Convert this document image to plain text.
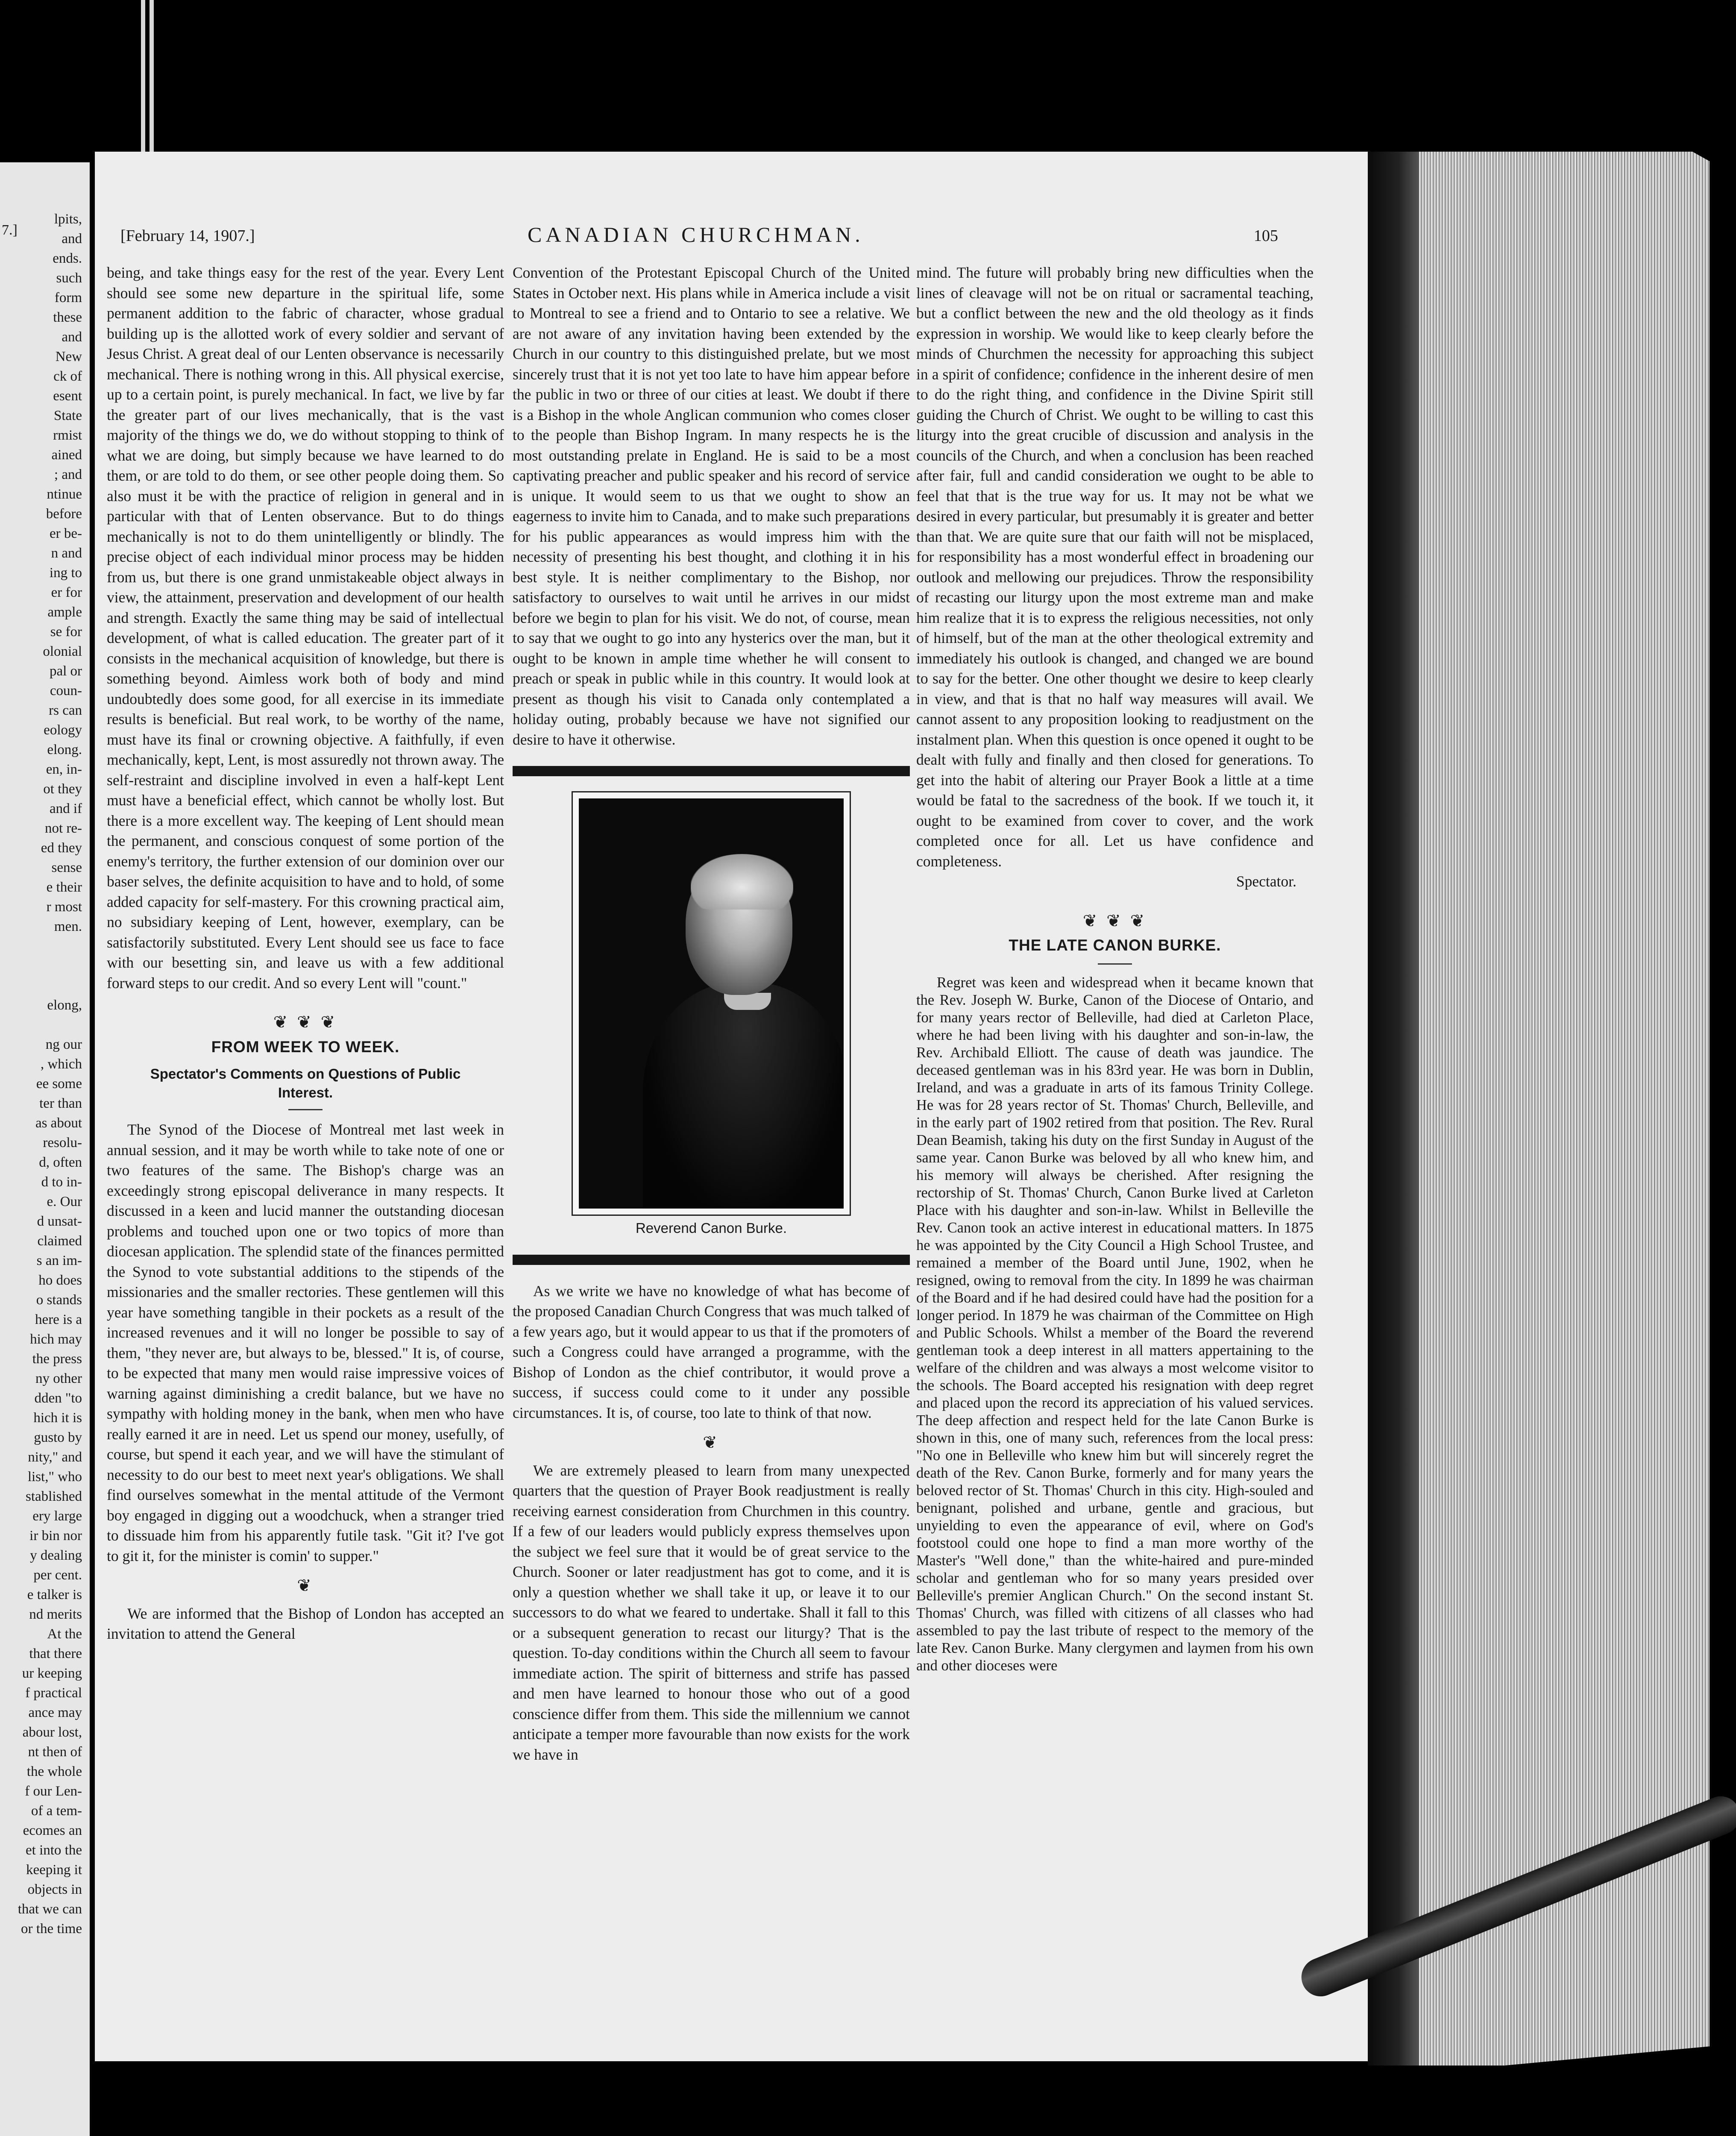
7.]
lpits,
and
ends.
such
form
these
and
New
ck of
esent
State
rmist
ained
; and
ntinue
before
er be-
n and
ing to
er for
ample
se for
olonial
pal or
coun-
rs can
eology
elong.
en, in-
ot they
and if
not re-
ed they
sense
e their
r most
men.

elong,

ng our
, which
ee some
ter than
as about
resolu-
d, often
d to in-
e. Our
d unsat-
claimed
s an im-
ho does
o stands
here is a
hich may
the press
ny other
dden "to
hich it is
gusto by
nity," and
list," who
stablished
ery large
ir bin nor
y dealing
per cent.
e talker is
nd merits
At the
that there
ur keeping
f practical
ance may
abour lost,
nt then of
the whole
f our Len-
of a tem-
ecomes an
et into the
keeping it
objects in
that we can
or the time
[February 14, 1907.]	CANADIAN CHURCHMAN.	105

being, and take things easy for the rest of the year. Every Lent should see some new departure in the spiritual life, some permanent addition to the fabric of character, whose gradual building up is the allotted work of every soldier and servant of Jesus Christ. A great deal of our Lenten observance is necessarily mechanical. There is nothing wrong in this. All physical exercise, up to a certain point, is purely mechanical. In fact, we live by far the greater part of our lives mechanically, that is the vast majority of the things we do, we do without stopping to think of what we are doing, but simply because we have learned to do them, or are told to do them, or see other people doing them. So also must it be with the practice of religion in general and in particular with that of Lenten observance. But to do things mechanically is not to do them unintelligently or blindly. The precise object of each individual minor process may be hidden from us, but there is one grand unmistakeable object always in view, the attainment, preservation and development of our health and strength. Exactly the same thing may be said of intellectual development, of what is called education. The greater part of it consists in the mechanical acquisition of knowledge, but there is something beyond. Aimless work both of body and mind undoubtedly does some good, for all exercise in its immediate results is beneficial. But real work, to be worthy of the name, must have its final or crowning objective. A faithfully, if even mechanically, kept, Lent, is most assuredly not thrown away. The self-restraint and discipline involved in even a half-kept Lent must have a beneficial effect, which cannot be wholly lost. But there is a more excellent way. The keeping of Lent should mean the permanent, and conscious conquest of some portion of the enemy's territory, the further extension of our dominion over our baser selves, the definite acquisition to have and to hold, of some added capacity for self-mastery. For this crowning practical aim, no subsidiary keeping of Lent, however, exemplary, can be satisfactorily substituted. Every Lent should see us face to face with our besetting sin, and leave us with a few additional forward steps to our credit. And so every Lent will "count."

❦ ❦ ❦
FROM WEEK TO WEEK.
Spectator's Comments on Questions of Public Interest.

The Synod of the Diocese of Montreal met last week in annual session, and it may be worth while to take note of one or two features of the same. The Bishop's charge was an exceedingly strong episcopal deliverance in many respects. It discussed in a keen and lucid manner the outstanding diocesan problems and touched upon one or two topics of more than diocesan application. The splendid state of the finances permitted the Synod to vote substantial additions to the stipends of the missionaries and the smaller rectories. These gentlemen will this year have something tangible in their pockets as a result of the increased revenues and it will no longer be possible to say of them, "they never are, but always to be, blessed." It is, of course, to be expected that many men would raise impressive voices of warning against diminishing a credit balance, but we have no sympathy with holding money in the bank, when men who have really earned it are in need. Let us spend our money, usefully, of course, but spend it each year, and we will have the stimulant of necessity to do our best to meet next year's obligations. We shall find ourselves somewhat in the mental attitude of the Vermont boy engaged in digging out a woodchuck, when a stranger tried to dissuade him from his apparently futile task. "Git it? I've got to git it, for the minister is comin' to supper."

❦

We are informed that the Bishop of London has accepted an invitation to attend the General

Convention of the Protestant Episcopal Church of the United States in October next. His plans while in America include a visit to Montreal to see a friend and to Ontario to see a relative. We are not aware of any invitation having been extended by the Church in our country to this distinguished prelate, but we most sincerely trust that it is not yet too late to have him appear before the public in two or three of our cities at least. We doubt if there is a Bishop in the whole Anglican communion who comes closer to the people than Bishop Ingram. In many respects he is the most outstanding prelate in England. He is said to be a most captivating preacher and public speaker and his record of service is unique. It would seem to us that we ought to show an eagerness to invite him to Canada, and to make such preparations for his public appearances as would impress him with the necessity of presenting his best thought, and clothing it in his best style. It is neither complimentary to the Bishop, nor satisfactory to ourselves to wait until he arrives in our midst before we begin to plan for his visit. We do not, of course, mean to say that we ought to go into any hysterics over the man, but it ought to be known in ample time whether he will consent to preach or speak in public while in this country. It would look at present as though his visit to Canada only contemplated a holiday outing, probably because we have not signified our desire to have it otherwise.

Reverend Canon Burke.

As we write we have no knowledge of what has become of the proposed Canadian Church Congress that was much talked of a few years ago, but it would appear to us that if the promoters of such a Congress could have arranged a programme, with the Bishop of London as the chief contributor, it would prove a success, if success could come to it under any possible circumstances. It is, of course, too late to think of that now.

❦

We are extremely pleased to learn from many unexpected quarters that the question of Prayer Book readjustment is really receiving earnest consideration from Churchmen in this country. If a few of our leaders would publicly express themselves upon the subject we feel sure that it would be of great service to the Church. Sooner or later readjustment has got to come, and it is only a question whether we shall take it up, or leave it to our successors to do what we feared to undertake. Shall it fall to this or a subsequent generation to recast our liturgy? That is the question. To-day conditions within the Church all seem to favour immediate action. The spirit of bitterness and strife has passed and men have learned to honour those who out of a good conscience differ from them. This side the millennium we cannot anticipate a temper more favourable than now exists for the work we have in

mind. The future will probably bring new difficulties when the lines of cleavage will not be on ritual or sacramental teaching, but a conflict between the new and the old theology as it finds expression in worship. We would like to keep clearly before the minds of Churchmen the necessity for approaching this subject in a spirit of confidence; confidence in the inherent desire of men to do the right thing, and confidence in the Divine Spirit still guiding the Church of Christ. We ought to be willing to cast this liturgy into the great crucible of discussion and analysis in the councils of the Church, and when a conclusion has been reached after fair, full and candid consideration we ought to be able to feel that that is the true way for us. It may not be what we desired in every particular, but presumably it is greater and better than that. We are quite sure that our faith will not be misplaced, for responsibility has a most wonderful effect in broadening our outlook and mellowing our prejudices. Throw the responsibility of recasting our liturgy upon the most extreme man and make him realize that it is to express the religious necessities, not only of himself, but of the man at the other theological extremity and immediately his outlook is changed, and changed we are bound to say for the better. One other thought we desire to keep clearly in view, and that is that no half way measures will avail. We cannot assent to any proposition looking to readjustment on the instalment plan. When this question is once opened it ought to be dealt with fully and finally and then closed for generations. To get into the habit of altering our Prayer Book a little at a time would be fatal to the sacredness of the book. If we touch it, it ought to be examined from cover to cover, and the work completed once for all. Let us have confidence and completeness.

Spectator.

❦ ❦ ❦
THE LATE CANON BURKE.

Regret was keen and widespread when it became known that the Rev. Joseph W. Burke, Canon of the Diocese of Ontario, and for many years rector of Belleville, had died at Carleton Place, where he had been living with his daughter and son-in-law, the Rev. Archibald Elliott. The cause of death was jaundice. The deceased gentleman was in his 83rd year. He was born in Dublin, Ireland, and was a graduate in arts of its famous Trinity College. He was for 28 years rector of St. Thomas' Church, Belleville, and in the early part of 1902 retired from that position. The Rev. Rural Dean Beamish, taking his duty on the first Sunday in August of the same year. Canon Burke was beloved by all who knew him, and his memory will always be cherished. After resigning the rectorship of St. Thomas' Church, Canon Burke lived at Carleton Place with his daughter and son-in-law. Whilst in Belleville the Rev. Canon took an active interest in educational matters. In 1875 he was appointed by the City Council a High School Trustee, and remained a member of the Board until June, 1902, when he resigned, owing to removal from the city. In 1899 he was chairman of the Board and if he had desired could have had the position for a longer period. In 1879 he was chairman of the Committee on High and Public Schools. Whilst a member of the Board the reverend gentleman took a deep interest in all matters appertaining to the welfare of the children and was always a most welcome visitor to the schools. The Board accepted his resignation with deep regret and placed upon the record its appreciation of his valued services. The deep affection and respect held for the late Canon Burke is shown in this, one of many such, references from the local press: "No one in Belleville who knew him but will sincerely regret the death of the Rev. Canon Burke, formerly and for many years the beloved rector of St. Thomas' Church in this city. High-souled and benignant, polished and urbane, gentle and gracious, but unyielding to even the appearance of evil, where on God's footstool could one hope to find a man more worthy of the Master's "Well done," than the white-haired and pure-minded scholar and gentleman who for so many years presided over Belleville's premier Anglican Church." On the second instant St. Thomas' Church, was filled with citizens of all classes who had assembled to pay the last tribute of respect to the memory of the late Rev. Canon Burke. Many clergymen and laymen from his own and other dioceses were
